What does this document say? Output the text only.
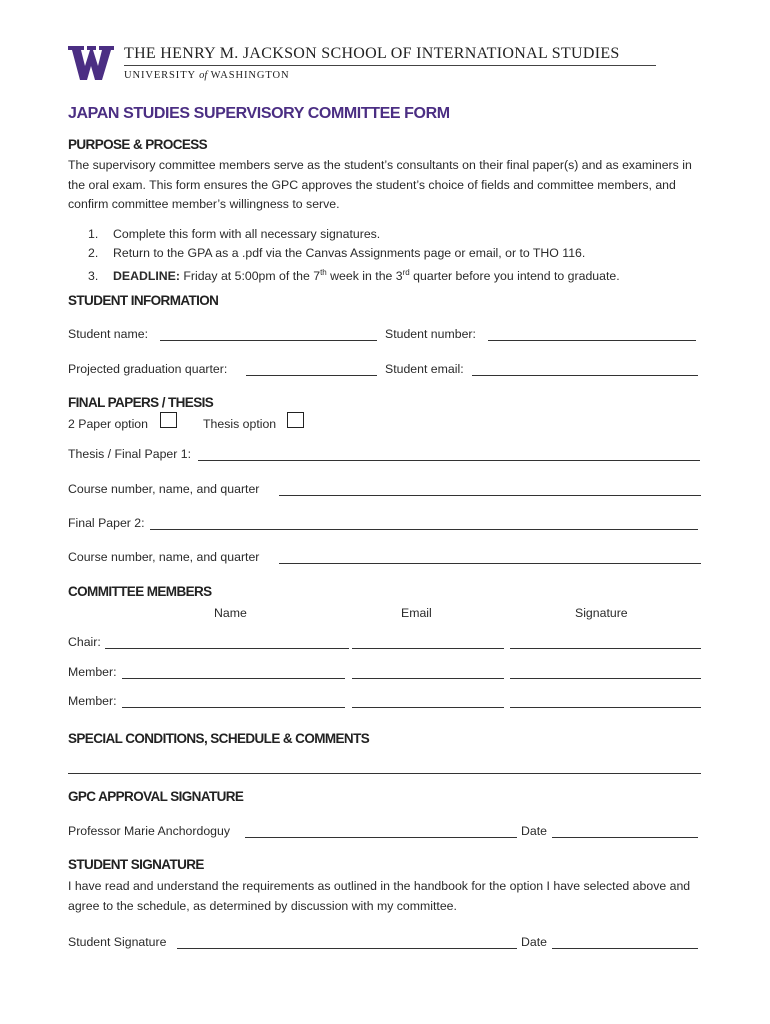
THE HENRY M. JACKSON SCHOOL OF INTERNATIONAL STUDIES
UNIVERSITY of WASHINGTON
JAPAN STUDIES SUPERVISORY COMMITTEE FORM
PURPOSE & PROCESS
The supervisory committee members serve as the student’s consultants on their final paper(s) and as examiners in the oral exam. This form ensures the GPC approves the student’s choice of fields and committee members, and confirm committee member’s willingness to serve.
1. Complete this form with all necessary signatures.
2. Return to the GPA as a .pdf via the Canvas Assignments page or email, or to THO 116.
3. DEADLINE: Friday at 5:00pm of the 7th week in the 3rd quarter before you intend to graduate.
STUDENT INFORMATION
Student name:	Student number:
Projected graduation quarter:	Student email:
FINAL PAPERS / THESIS
2 Paper option	Thesis option
Thesis / Final Paper 1:
Course number, name, and quarter
Final Paper 2:
Course number, name, and quarter
COMMITTEE MEMBERS
Name	Email	Signature
Chair:
Member:
Member:
SPECIAL CONDITIONS, SCHEDULE & COMMENTS
GPC APPROVAL SIGNATURE
Professor Marie Anchordoguy	Date
STUDENT SIGNATURE
I have read and understand the requirements as outlined in the handbook for the option I have selected above and agree to the schedule, as determined by discussion with my committee.
Student Signature	Date
